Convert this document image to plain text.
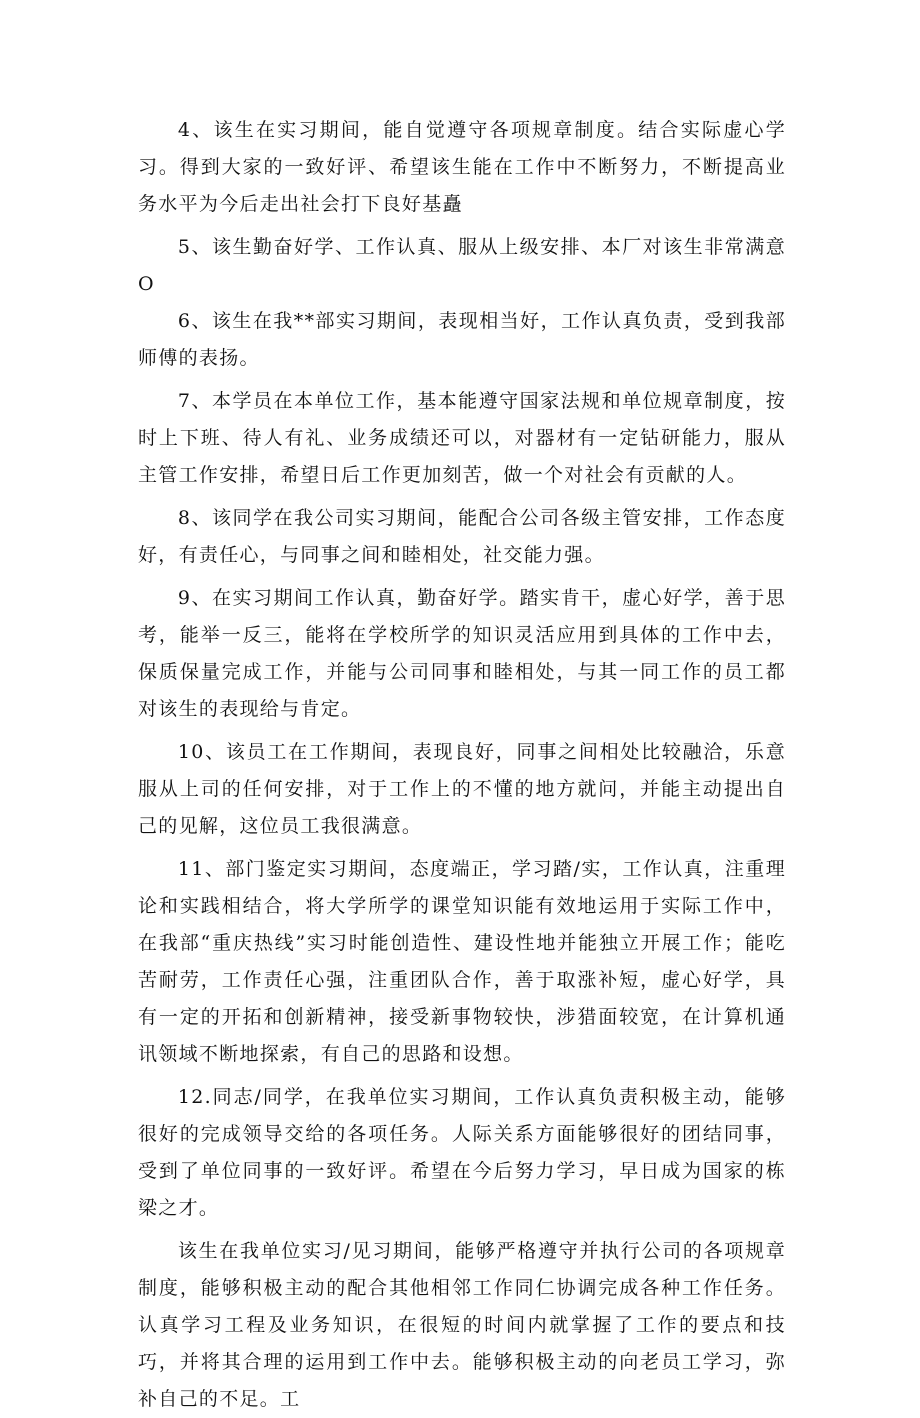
4、该生在实习期间，能自觉遵守各项规章制度。结合实际虚心学习。得到大家的一致好评、希望该生能在工作中不断努力，不断提高业务水平为今后走出社会打下良好基矗

5、该生勤奋好学、工作认真、服从上级安排、本厂对该生非常满意O

6、该生在我**部实习期间，表现相当好，工作认真负责，受到我部师傅的表扬。

7、本学员在本单位工作，基本能遵守国家法规和单位规章制度，按时上下班、待人有礼、业务成绩还可以，对器材有一定钻研能力，服从主管工作安排，希望日后工作更加刻苦，做一个对社会有贡献的人。

8、该同学在我公司实习期间，能配合公司各级主管安排，工作态度好，有责任心，与同事之间和睦相处，社交能力强。

9、在实习期间工作认真，勤奋好学。踏实肯干，虚心好学，善于思考，能举一反三，能将在学校所学的知识灵活应用到具体的工作中去，保质保量完成工作，并能与公司同事和睦相处，与其一同工作的员工都对该生的表现给与肯定。

10、该员工在工作期间，表现良好，同事之间相处比较融洽，乐意服从上司的任何安排，对于工作上的不懂的地方就问，并能主动提出自己的见解，这位员工我很满意。

11、部门鉴定实习期间，态度端正，学习踏/实，工作认真，注重理论和实践相结合，将大学所学的课堂知识能有效地运用于实际工作中，在我部“重庆热线”实习时能创造性、建设性地并能独立开展工作；能吃苦耐劳，工作责任心强，注重团队合作，善于取涨补短，虚心好学，具有一定的开拓和创新精神，接受新事物较快，涉猎面较宽，在计算机通讯领域不断地探索，有自己的思路和设想。

12.同志/同学，在我单位实习期间，工作认真负责积极主动，能够很好的完成领导交给的各项任务。人际关系方面能够很好的团结同事，受到了单位同事的一致好评。希望在今后努力学习，早日成为国家的栋梁之才。

该生在我单位实习/见习期间，能够严格遵守并执行公司的各项规章制度，能够积极主动的配合其他相邻工作同仁协调完成各种工作任务。认真学习工程及业务知识，在很短的时间内就掌握了工作的要点和技巧，并将其合理的运用到工作中去。能够积极主动的向老员工学习，弥补自己的不足。工
